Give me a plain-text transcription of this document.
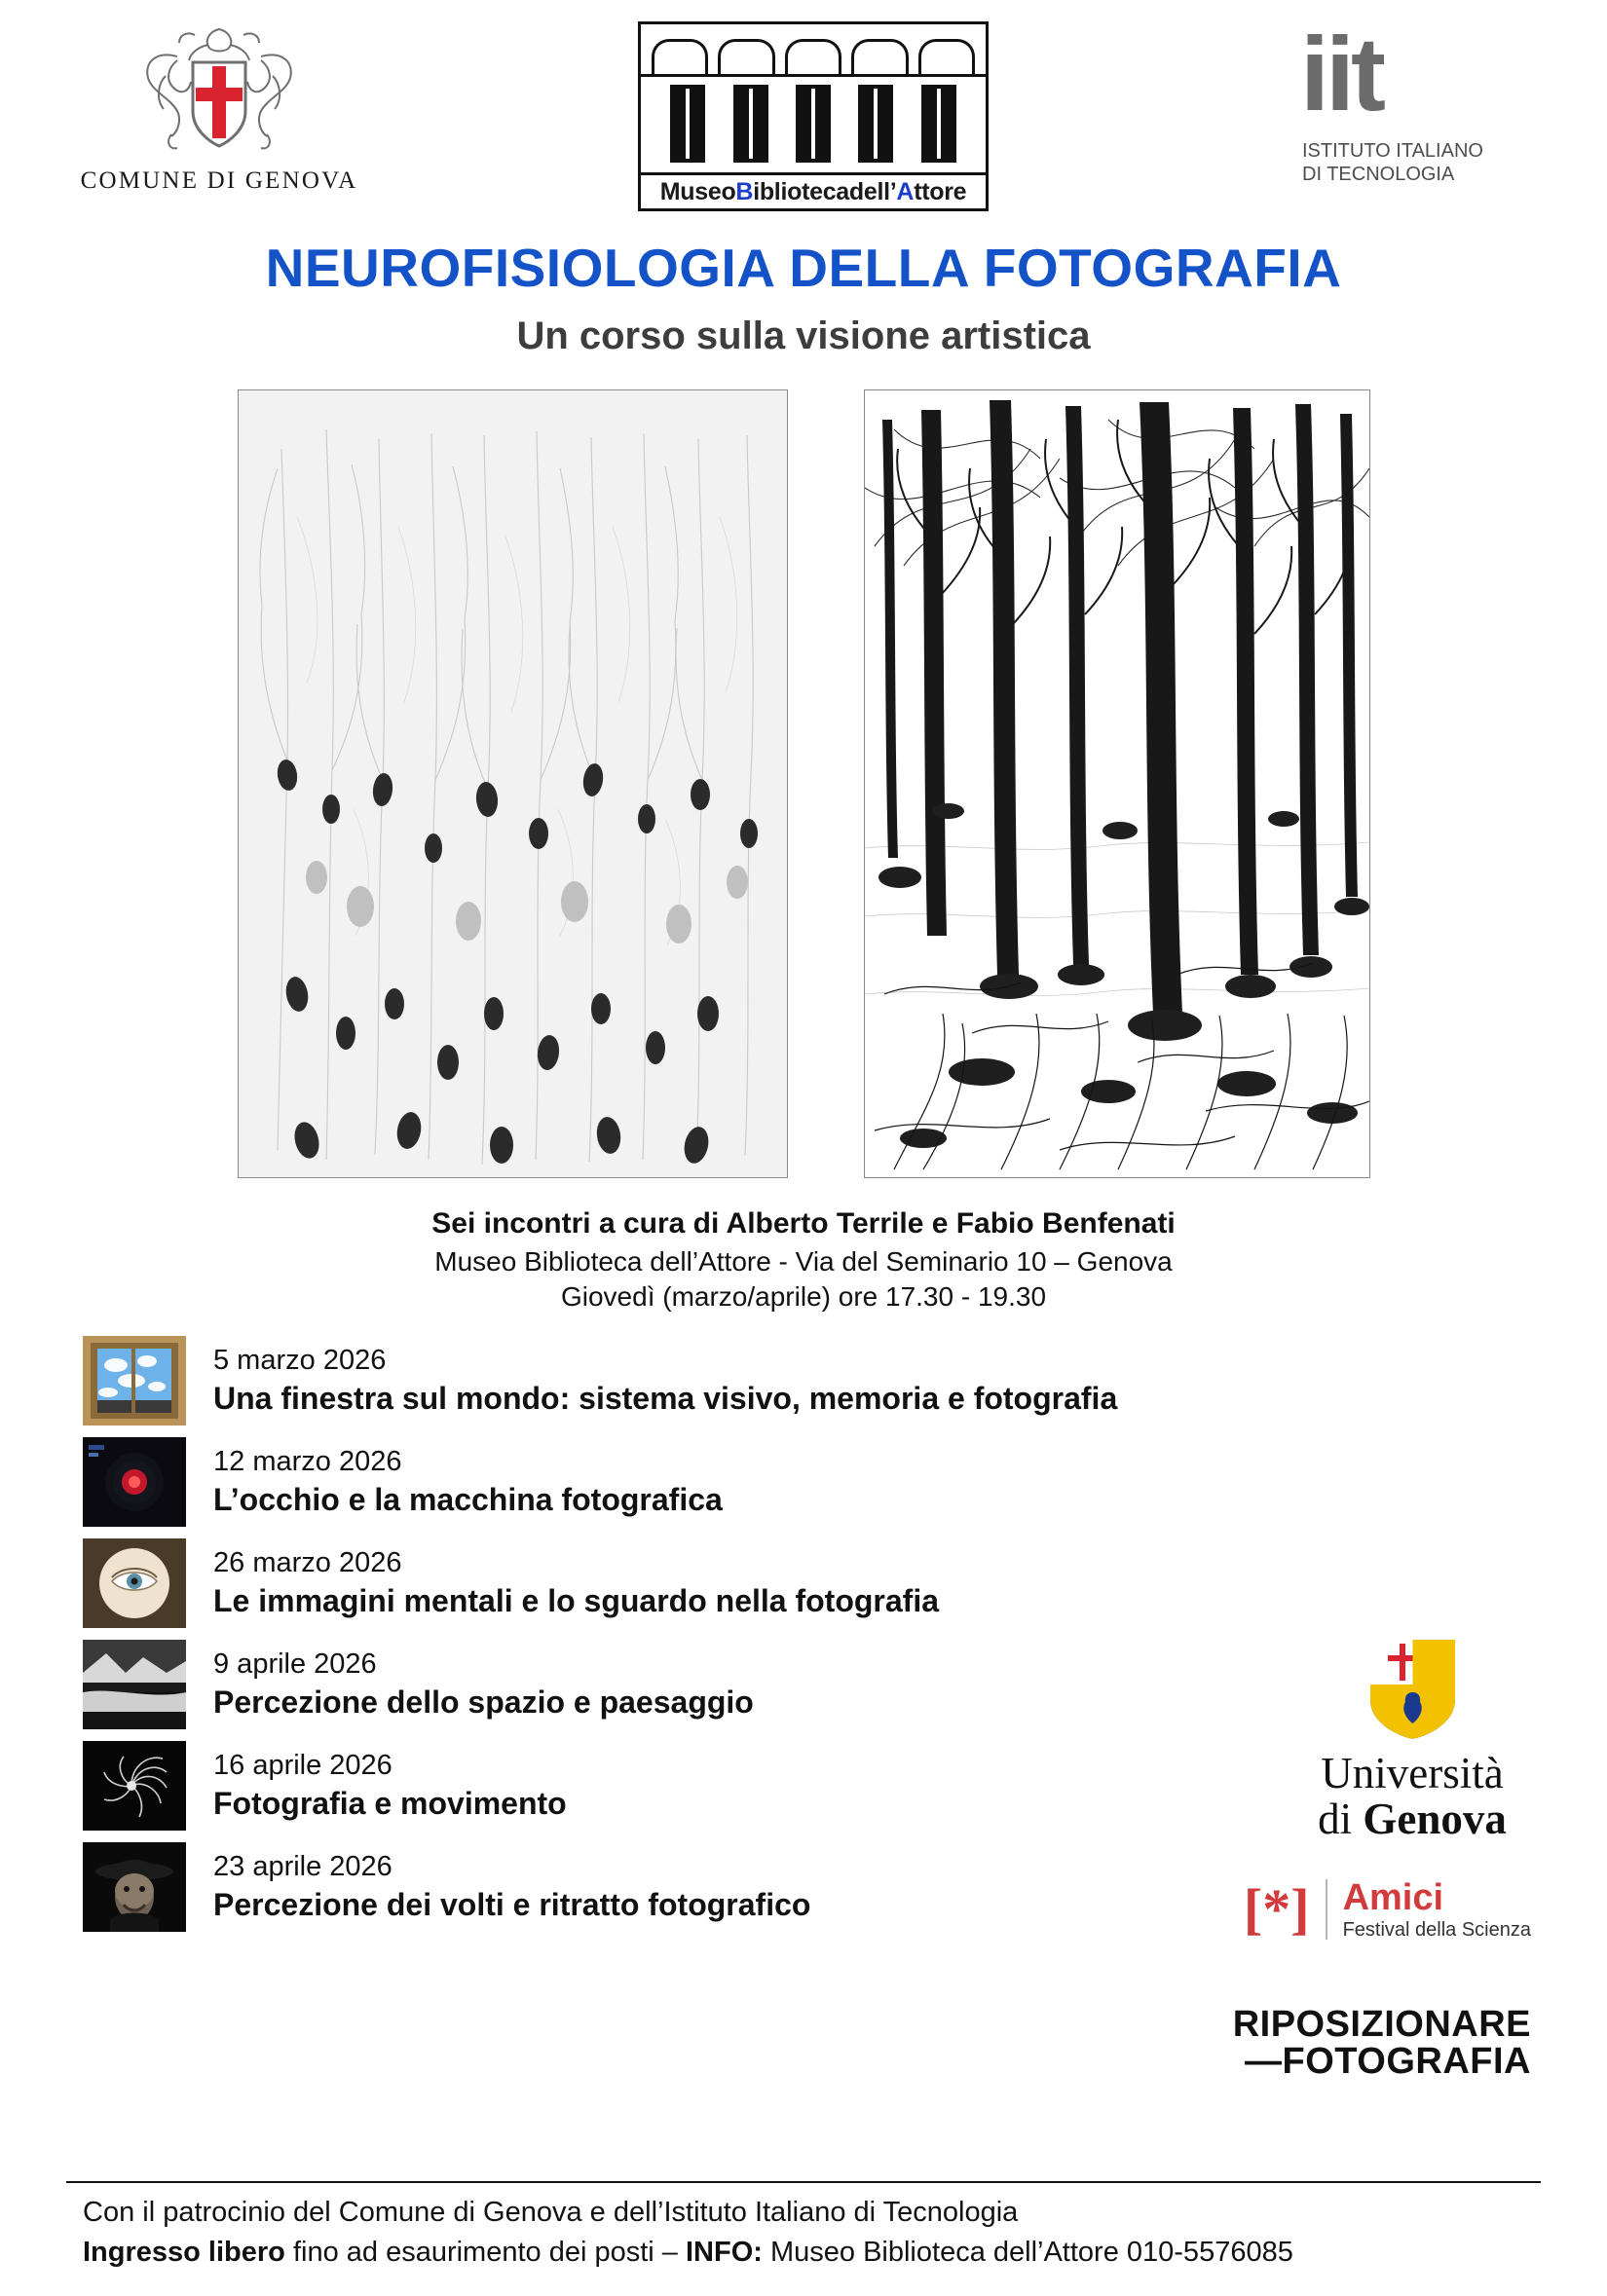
COMUNE DI GENOVA	MuseoBibliotecadell’Attore
iit
ISTITUTO ITALIANO
DI TECNOLOGIA
NEUROFISIOLOGIA DELLA FOTOGRAFIA
Un corso sulla visione artistica
Sei incontri a cura di Alberto Terrile e Fabio Benfenati
Museo Biblioteca dell’Attore - Via del Seminario 10 – Genova
Giovedì (marzo/aprile) ore 17.30 - 19.30
5 marzo 2026
Una finestra sul mondo: sistema visivo, memoria e fotografia
12 marzo 2026
L’occhio e la macchina fotografica
26 marzo 2026
Le immagini mentali e lo sguardo nella fotografia
9 aprile 2026
Percezione dello spazio e paesaggio
16 aprile 2026
Fotografia e movimento
23 aprile 2026
Percezione dei volti e ritratto fotografico
Università
di Genova
[*] Amici
Festival della Scienza
RIPOSIZIONARE
—FOTOGRAFIA
Con il patrocinio del Comune di Genova e dell’Istituto Italiano di Tecnologia
Ingresso libero fino ad esaurimento dei posti – INFO: Museo Biblioteca dell’Attore 010-5576085
